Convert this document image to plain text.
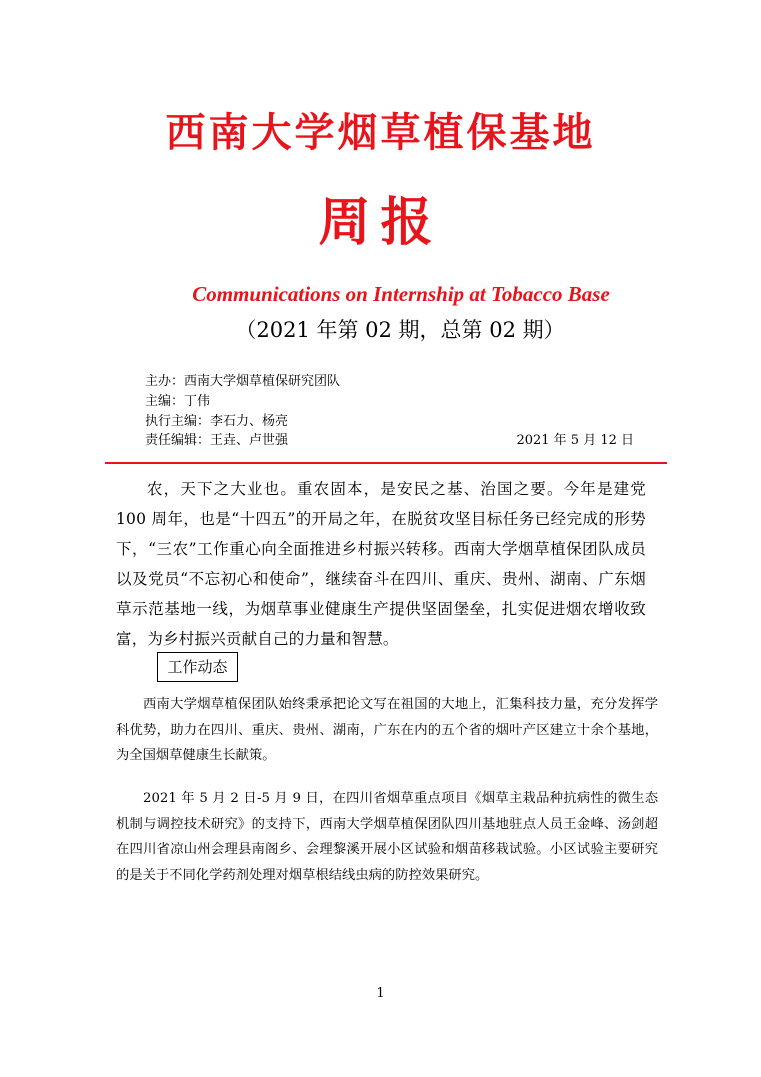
西南大学烟草植保基地
周报
Communications on Internship at Tobacco Base
（2021 年第 02 期，总第 02 期）
主办：西南大学烟草植保研究团队
主编：丁伟
执行主编：李石力、杨亮
责任编辑：王垚、卢世强	2021 年 5 月 12 日

农，天下之大业也。重农固本，是安民之基、治国之要。今年是建党 100 周年，也是“十四五”的开局之年，在脱贫攻坚目标任务已经完成的形势下，“三农”工作重心向全面推进乡村振兴转移。西南大学烟草植保团队成员以及党员“不忘初心和使命”，继续奋斗在四川、重庆、贵州、湖南、广东烟草示范基地一线，为烟草事业健康生产提供坚固堡垒，扎实促进烟农增收致富，为乡村振兴贡献自己的力量和智慧。

工作动态

西南大学烟草植保团队始终秉承把论文写在祖国的大地上，汇集科技力量，充分发挥学科优势，助力在四川、重庆、贵州、湖南，广东在内的五个省的烟叶产区建立十余个基地，为全国烟草健康生长献策。

2021 年 5 月 2 日-5 月 9 日，在四川省烟草重点项目《烟草主栽品种抗病性的微生态机制与调控技术研究》的支持下，西南大学烟草植保团队四川基地驻点人员王金峰、汤剑超在四川省凉山州会理县南阁乡、会理黎溪开展小区试验和烟苗移栽试验。小区试验主要研究的是关于不同化学药剂处理对烟草根结线虫病的防控效果研究。

1
